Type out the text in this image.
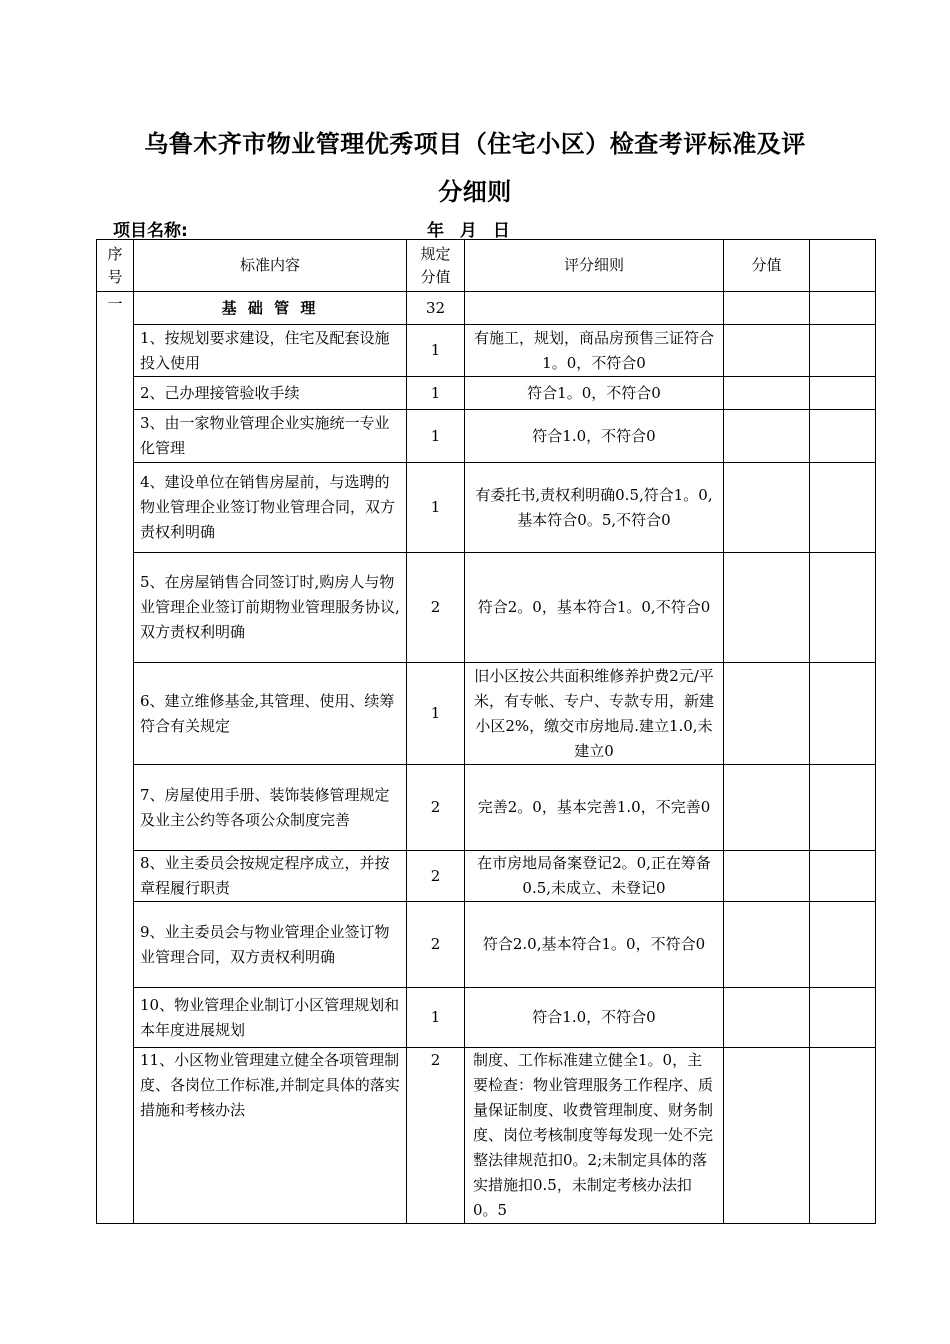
乌鲁木齐市物业管理优秀项目（住宅小区）检查考评标准及评
分细则
项目名称:	年 月 日
序号	标准内容	规定分值	评分细则	分值	
一	基 础 管 理	32			
	1、按规划要求建设，住宅及配套设施投入使用	1	有施工，规划，商品房预售三证符合1。0，不符合0		
	2、己办理接管验收手续	1	符合1。0，不符合0		
	3、由一家物业管理企业实施统一专业化管理	1	符合1.0，不符合0		
	4、建设单位在销售房屋前，与选聘的物业管理企业签订物业管理合同，双方责权利明确	1	有委托书,责权利明确0.5,符合1。0,基本符合0。5,不符合0		
	5、在房屋销售合同签订时,购房人与物业管理企业签订前期物业管理服务协议,双方责权利明确	2	符合2。0，基本符合1。0,不符合0		
	6、建立维修基金,其管理、使用、续筹符合有关规定	1	旧小区按公共面积维修养护费2元/平米，有专帐、专户、专款专用，新建小区2%，缴交市房地局.建立1.0,未建立0		
	7、房屋使用手册、装饰装修管理规定及业主公约等各项公众制度完善	2	完善2。0，基本完善1.0，不完善0		
	8、业主委员会按规定程序成立，并按章程履行职责	2	在市房地局备案登记2。0,正在筹备0.5,未成立、未登记0		
	9、业主委员会与物业管理企业签订物业管理合同，双方责权利明确	2	符合2.0,基本符合1。0，不符合0		
	10、物业管理企业制订小区管理规划和本年度进展规划	1	符合1.0，不符合0		
	11、小区物业管理建立健全各项管理制度、各岗位工作标准,并制定具体的落实措施和考核办法	2	制度、工作标准建立健全1。0，主要检查：物业管理服务工作程序、质量保证制度、收费管理制度、财务制度、岗位考核制度等每发现一处不完整法律规范扣0。2;未制定具体的落实措施扣0.5，未制定考核办法扣0。5		
